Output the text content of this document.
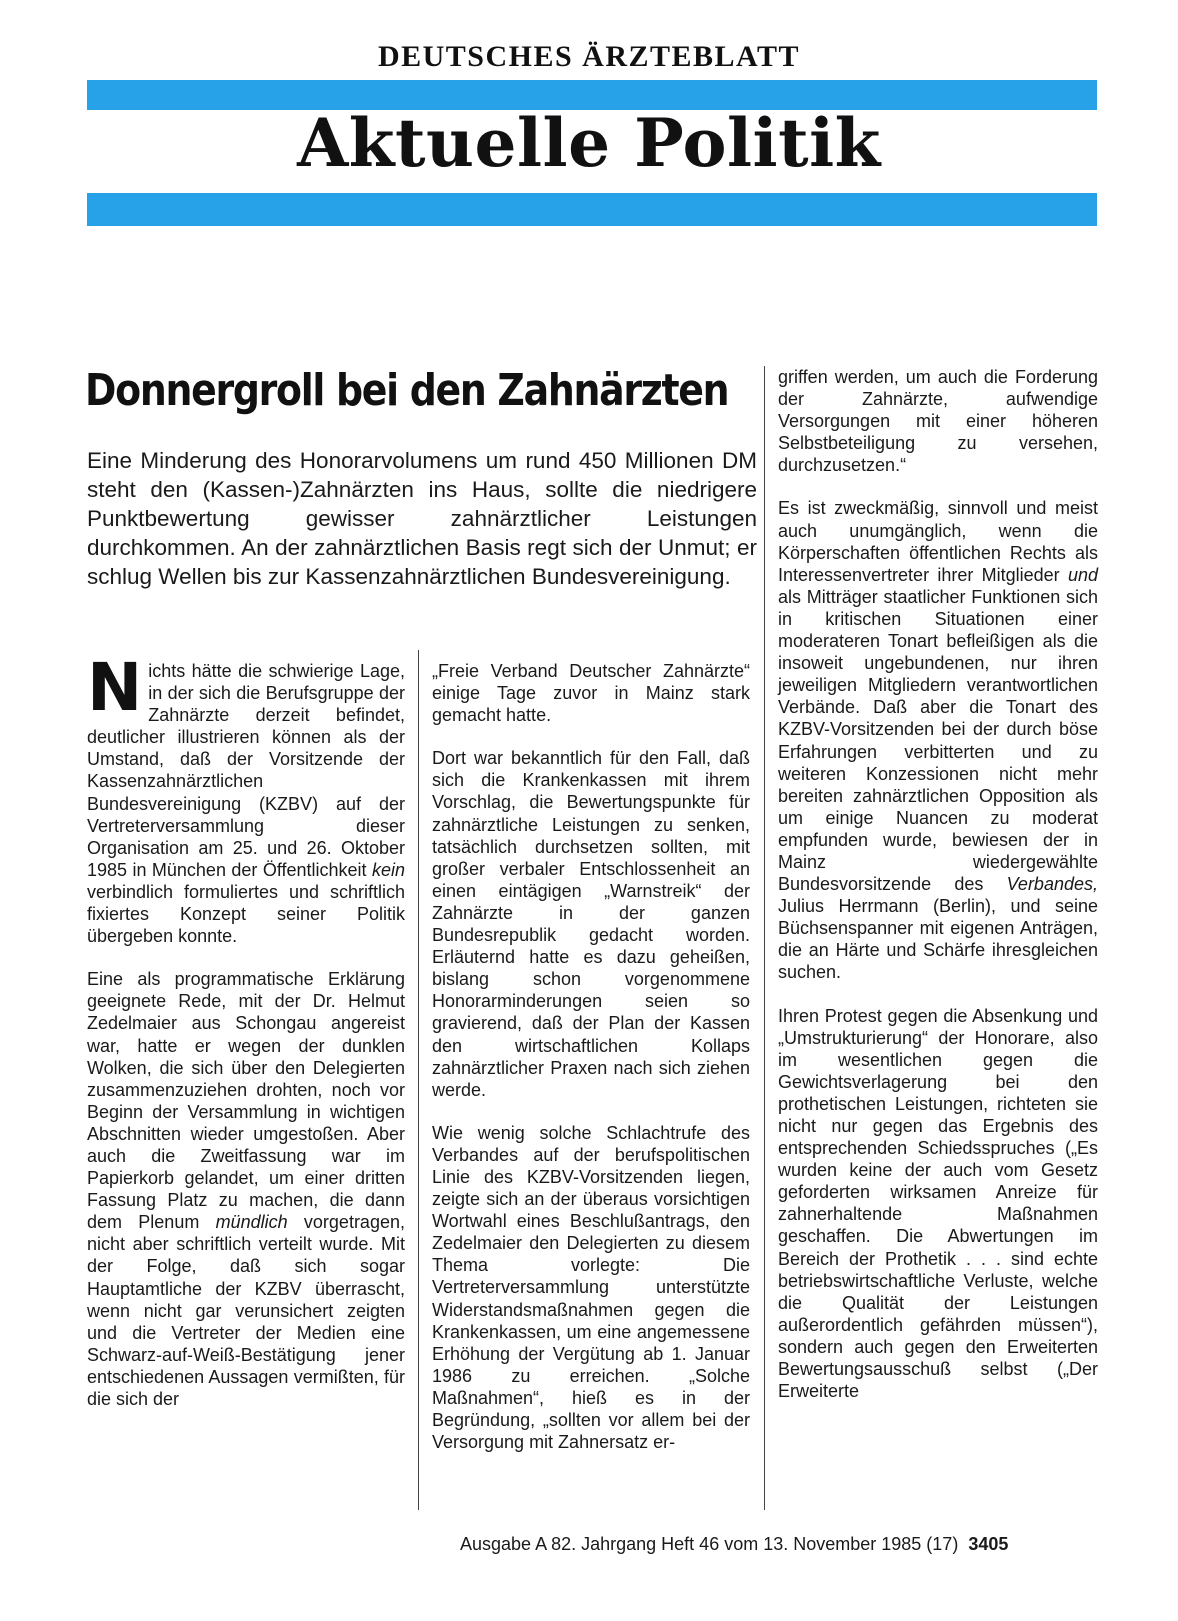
DEUTSCHES ÄRZTEBLATT
Aktuelle Politik
Donnergroll bei den Zahnärzten
Eine Minderung des Honorarvolumens um rund 450 Millionen DM steht den (Kassen-)Zahnärzten ins Haus, sollte die niedrigere Punktbewertung gewisser zahnärztlicher Leistungen durchkommen. An der zahnärztlichen Basis regt sich der Unmut; er schlug Wellen bis zur Kassenzahnärztlichen Bundesvereinigung.

Nichts hätte die schwierige Lage, in der sich die Berufsgruppe der Zahnärzte derzeit befindet, deutlicher illustrieren können als der Umstand, daß der Vorsitzende der Kassenzahnärztlichen Bundesvereinigung (KZBV) auf der Vertreterversammlung dieser Organisation am 25. und 26. Oktober 1985 in München der Öffentlichkeit kein verbindlich formuliertes und schriftlich fixiertes Konzept seiner Politik übergeben konnte.

Eine als programmatische Erklärung geeignete Rede, mit der Dr. Helmut Zedelmaier aus Schongau angereist war, hatte er wegen der dunklen Wolken, die sich über den Delegierten zusammenzuziehen drohten, noch vor Beginn der Versammlung in wichtigen Abschnitten wieder umgestoßen. Aber auch die Zweitfassung war im Papierkorb gelandet, um einer dritten Fassung Platz zu machen, die dann dem Plenum mündlich vorgetragen, nicht aber schriftlich verteilt wurde. Mit der Folge, daß sich sogar Hauptamtliche der KZBV überrascht, wenn nicht gar verunsichert zeigten und die Vertreter der Medien eine Schwarz-auf-Weiß-Bestätigung jener entschiedenen Aussagen vermißten, für die sich der

„Freie Verband Deutscher Zahnärzte“ einige Tage zuvor in Mainz stark gemacht hatte.

Dort war bekanntlich für den Fall, daß sich die Krankenkassen mit ihrem Vorschlag, die Bewertungspunkte für zahnärztliche Leistungen zu senken, tatsächlich durchsetzen sollten, mit großer verbaler Entschlossenheit an einen eintägigen „Warnstreik“ der Zahnärzte in der ganzen Bundesrepublik gedacht worden. Erläuternd hatte es dazu geheißen, bislang schon vorgenommene Honorarminderungen seien so gravierend, daß der Plan der Kassen den wirtschaftlichen Kollaps zahnärztlicher Praxen nach sich ziehen werde.

Wie wenig solche Schlachtrufe des Verbandes auf der berufspolitischen Linie des KZBV-Vorsitzenden liegen, zeigte sich an der überaus vorsichtigen Wortwahl eines Beschlußantrags, den Zedelmaier den Delegierten zu diesem Thema vorlegte: Die Vertreterversammlung unterstützte Widerstandsmaßnahmen gegen die Krankenkassen, um eine angemessene Erhöhung der Vergütung ab 1. Januar 1986 zu erreichen. „Solche Maßnahmen“, hieß es in der Begründung, „sollten vor allem bei der Versorgung mit Zahnersatz er-

griffen werden, um auch die Forderung der Zahnärzte, aufwendige Versorgungen mit einer höheren Selbstbeteiligung zu versehen, durchzusetzen.“

Es ist zweckmäßig, sinnvoll und meist auch unumgänglich, wenn die Körperschaften öffentlichen Rechts als Interessenvertreter ihrer Mitglieder und als Mitträger staatlicher Funktionen sich in kritischen Situationen einer moderateren Tonart befleißigen als die insoweit ungebundenen, nur ihren jeweiligen Mitgliedern verantwortlichen Verbände. Daß aber die Tonart des KZBV-Vorsitzenden bei der durch böse Erfahrungen verbitterten und zu weiteren Konzessionen nicht mehr bereiten zahnärztlichen Opposition als um einige Nuancen zu moderat empfunden wurde, bewiesen der in Mainz wiedergewählte Bundesvorsitzende des Verbandes, Julius Herrmann (Berlin), und seine Büchsenspanner mit eigenen Anträgen, die an Härte und Schärfe ihresgleichen suchen.

Ihren Protest gegen die Absenkung und „Umstrukturierung“ der Honorare, also im wesentlichen gegen die Gewichtsverlagerung bei den prothetischen Leistungen, richteten sie nicht nur gegen das Ergebnis des entsprechenden Schiedsspruches („Es wurden keine der auch vom Gesetz geforderten wirksamen Anreize für zahnerhaltende Maßnahmen geschaffen. Die Abwertungen im Bereich der Prothetik . . . sind echte betriebswirtschaftliche Verluste, welche die Qualität der Leistungen außerordentlich gefährden müssen“), sondern auch gegen den Erweiterten Bewertungsausschuß selbst („Der Erweiterte

Ausgabe A 82. Jahrgang Heft 46 vom 13. November 1985 (17) 3405
